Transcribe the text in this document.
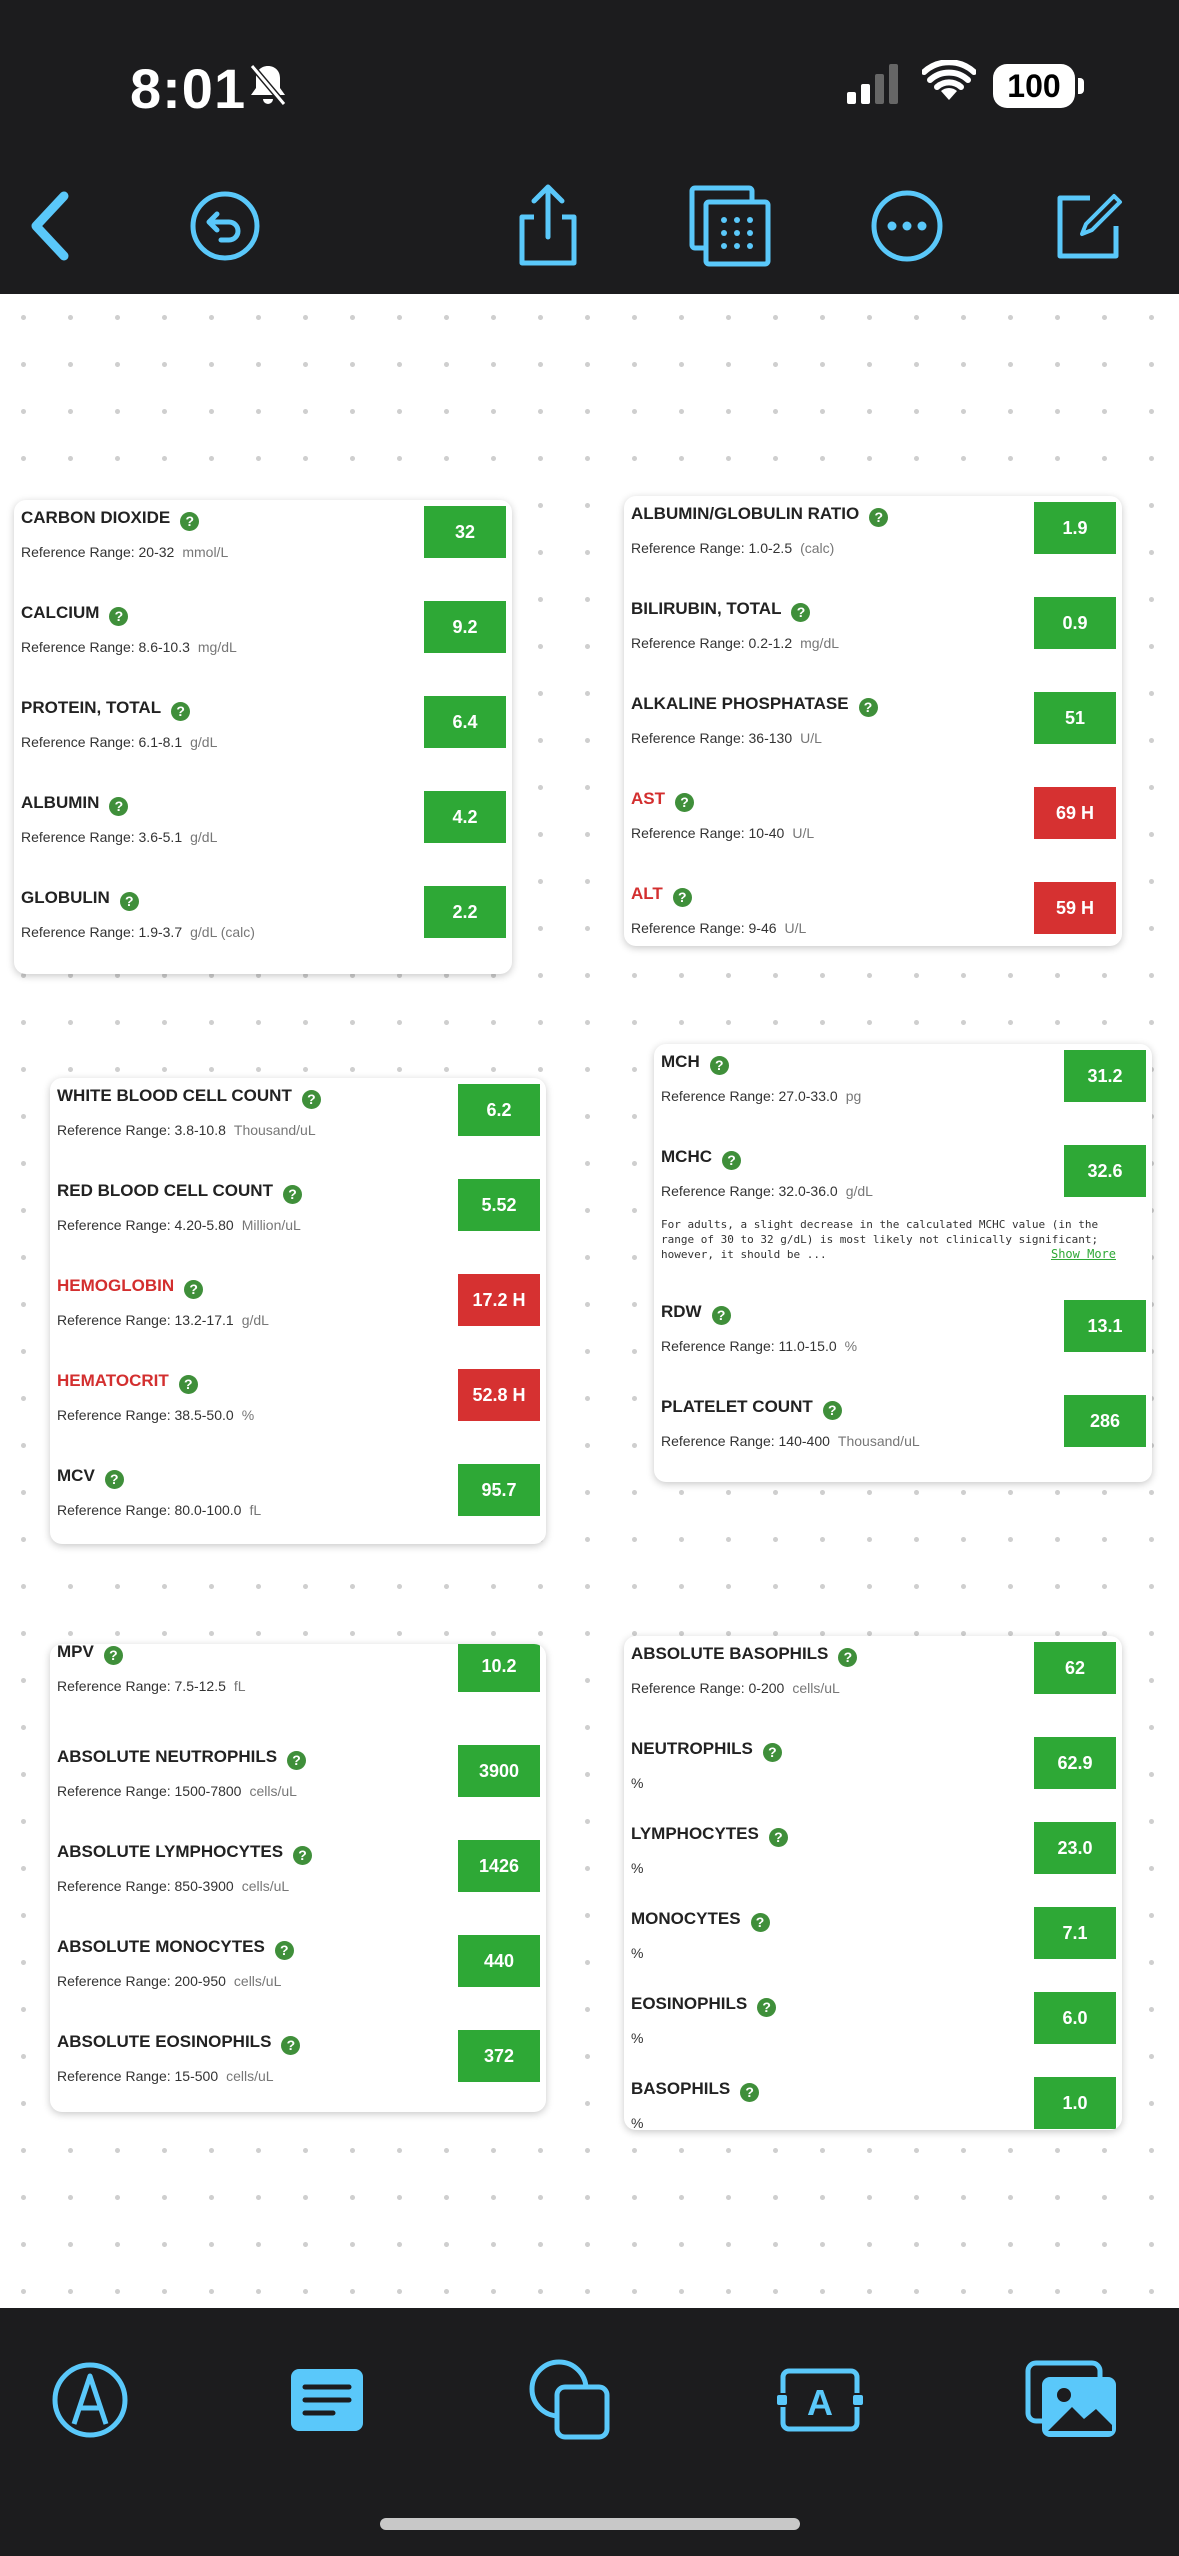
8:01	100
CARBON DIOXIDE ?
Reference Range: 20-32 mmol/L
32
CALCIUM ?
Reference Range: 8.6-10.3 mg/dL
9.2
PROTEIN, TOTAL ?
Reference Range: 6.1-8.1 g/dL
6.4
ALBUMIN ?
Reference Range: 3.6-5.1 g/dL
4.2
GLOBULIN ?
Reference Range: 1.9-3.7 g/dL (calc)
2.2
ALBUMIN/GLOBULIN RATIO ?
Reference Range: 1.0-2.5 (calc)
1.9
BILIRUBIN, TOTAL ?
Reference Range: 0.2-1.2 mg/dL
0.9
ALKALINE PHOSPHATASE ?
Reference Range: 36-130 U/L
51
AST ?
Reference Range: 10-40 U/L
69 H
ALT ?
Reference Range: 9-46 U/L
59 H
WHITE BLOOD CELL COUNT ?
Reference Range: 3.8-10.8 Thousand/uL
6.2
RED BLOOD CELL COUNT ?
Reference Range: 4.20-5.80 Million/uL
5.52
HEMOGLOBIN ?
Reference Range: 13.2-17.1 g/dL
17.2 H
HEMATOCRIT ?
Reference Range: 38.5-50.0 %
52.8 H
MCV ?
Reference Range: 80.0-100.0 fL
95.7
MCH ?
Reference Range: 27.0-33.0 pg
31.2
MCHC ?
Reference Range: 32.0-36.0 g/dL
32.6
For adults, a slight decrease in the calculated MCHC value (in the range of 30 to 32 g/dL) is most likely not clinically significant; however, it should be ...	Show More
RDW ?
Reference Range: 11.0-15.0 %
13.1
PLATELET COUNT ?
Reference Range: 140-400 Thousand/uL
286
MPV ?
Reference Range: 7.5-12.5 fL
10.2
ABSOLUTE NEUTROPHILS ?
Reference Range: 1500-7800 cells/uL
3900
ABSOLUTE LYMPHOCYTES ?
Reference Range: 850-3900 cells/uL
1426
ABSOLUTE MONOCYTES ?
Reference Range: 200-950 cells/uL
440
ABSOLUTE EOSINOPHILS ?
Reference Range: 15-500 cells/uL
372
ABSOLUTE BASOPHILS ?
Reference Range: 0-200 cells/uL
62
NEUTROPHILS ?
%
62.9
LYMPHOCYTES ?
%
23.0
MONOCYTES ?
%
7.1
EOSINOPHILS ?
%
6.0
BASOPHILS ?
%
1.0
A
